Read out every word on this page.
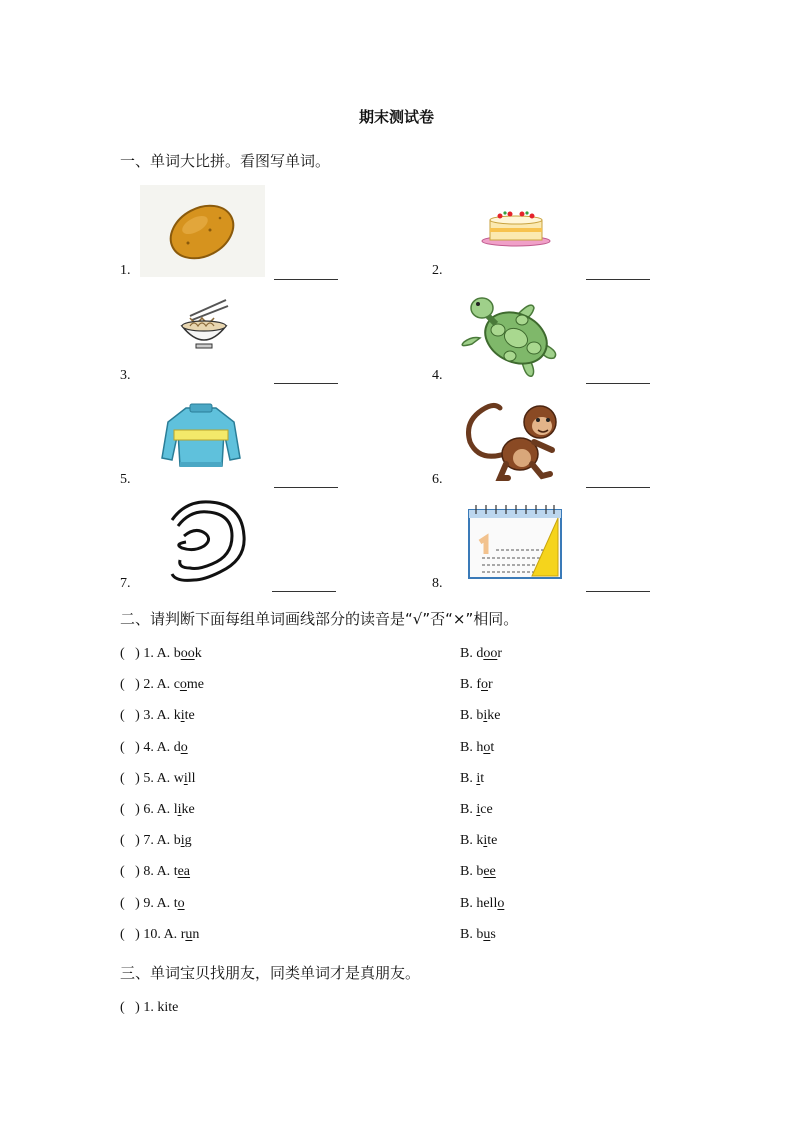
期末测试卷
一、单词大比拼。看图写单词。
1.	2.
3.	4.
5.	6.
7.	8.
二、请判断下面每组单词画线部分的读音是“√”否“×”相同。
(   ) 1. A. book	B. door
(   ) 2. A. come	B. for
(   ) 3. A. kite	B. bike
(   ) 4. A. do	B. hot
(   ) 5. A. will	B. it
(   ) 6. A. like	B. ice
(   ) 7. A. big	B. kite
(   ) 8. A. tea	B. bee
(   ) 9. A. to	B. hello
(   ) 10. A. run	B. bus
三、单词宝贝找朋友，同类单词才是真朋友。
(   ) 1. kite
